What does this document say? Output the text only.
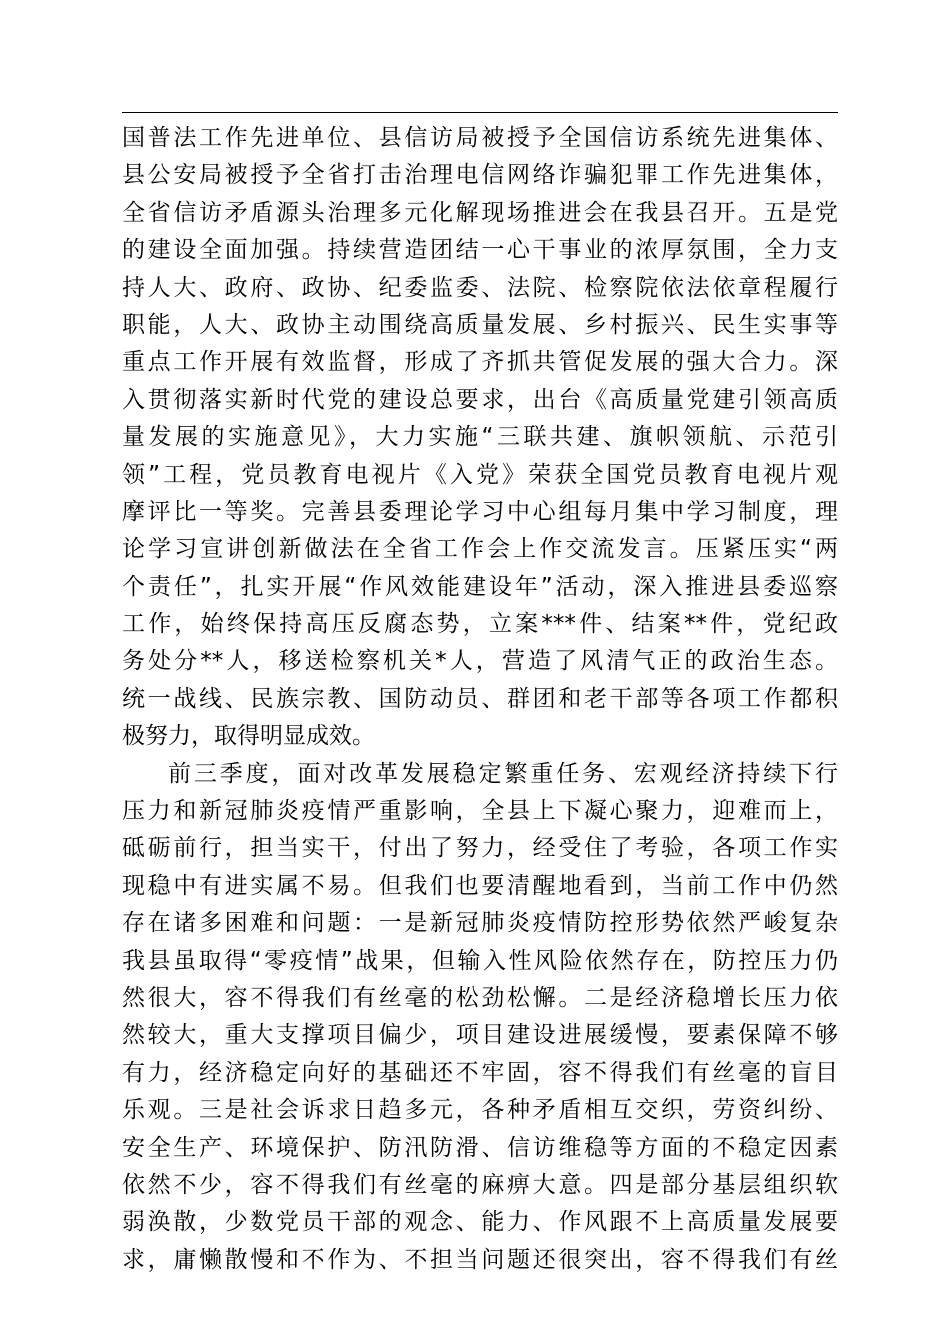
国普法工作先进单位、县信访局被授予全国信访系统先进集体、
县公安局被授予全省打击治理电信网络诈骗犯罪工作先进集体，
全省信访矛盾源头治理多元化解现场推进会在我县召开。五是党
的建设全面加强。持续营造团结一心干事业的浓厚氛围，全力支
持人大、政府、政协、纪委监委、法院、检察院依法依章程履行
职能，人大、政协主动围绕高质量发展、乡村振兴、民生实事等
重点工作开展有效监督，形成了齐抓共管促发展的强大合力。深
入贯彻落实新时代党的建设总要求，出台《高质量党建引领高质
量发展的实施意见》，大力实施“三联共建、旗帜领航、示范引
领”工程，党员教育电视片《入党》荣获全国党员教育电视片观
摩评比一等奖。完善县委理论学习中心组每月集中学习制度，理
论学习宣讲创新做法在全省工作会上作交流发言。压紧压实“两
个责任”，扎实开展“作风效能建设年”活动，深入推进县委巡察
工作，始终保持高压反腐态势，立案***件、结案**件，党纪政
务处分**人，移送检察机关*人，营造了风清气正的政治生态。
统一战线、民族宗教、国防动员、群团和老干部等各项工作都积
极努力，取得明显成效。
前三季度，面对改革发展稳定繁重任务、宏观经济持续下行
压力和新冠肺炎疫情严重影响，全县上下凝心聚力，迎难而上，
砥砺前行，担当实干，付出了努力，经受住了考验，各项工作实
现稳中有进实属不易。但我们也要清醒地看到，当前工作中仍然
存在诸多困难和问题：一是新冠肺炎疫情防控形势依然严峻复杂
我县虽取得“零疫情”战果，但输入性风险依然存在，防控压力仍
然很大，容不得我们有丝毫的松劲松懈。二是经济稳增长压力依
然较大，重大支撑项目偏少，项目建设进展缓慢，要素保障不够
有力，经济稳定向好的基础还不牢固，容不得我们有丝毫的盲目
乐观。三是社会诉求日趋多元，各种矛盾相互交织，劳资纠纷、
安全生产、环境保护、防汛防滑、信访维稳等方面的不稳定因素
依然不少，容不得我们有丝毫的麻痹大意。四是部分基层组织软
弱涣散，少数党员干部的观念、能力、作风跟不上高质量发展要
求，庸懒散慢和不作为、不担当问题还很突出，容不得我们有丝
